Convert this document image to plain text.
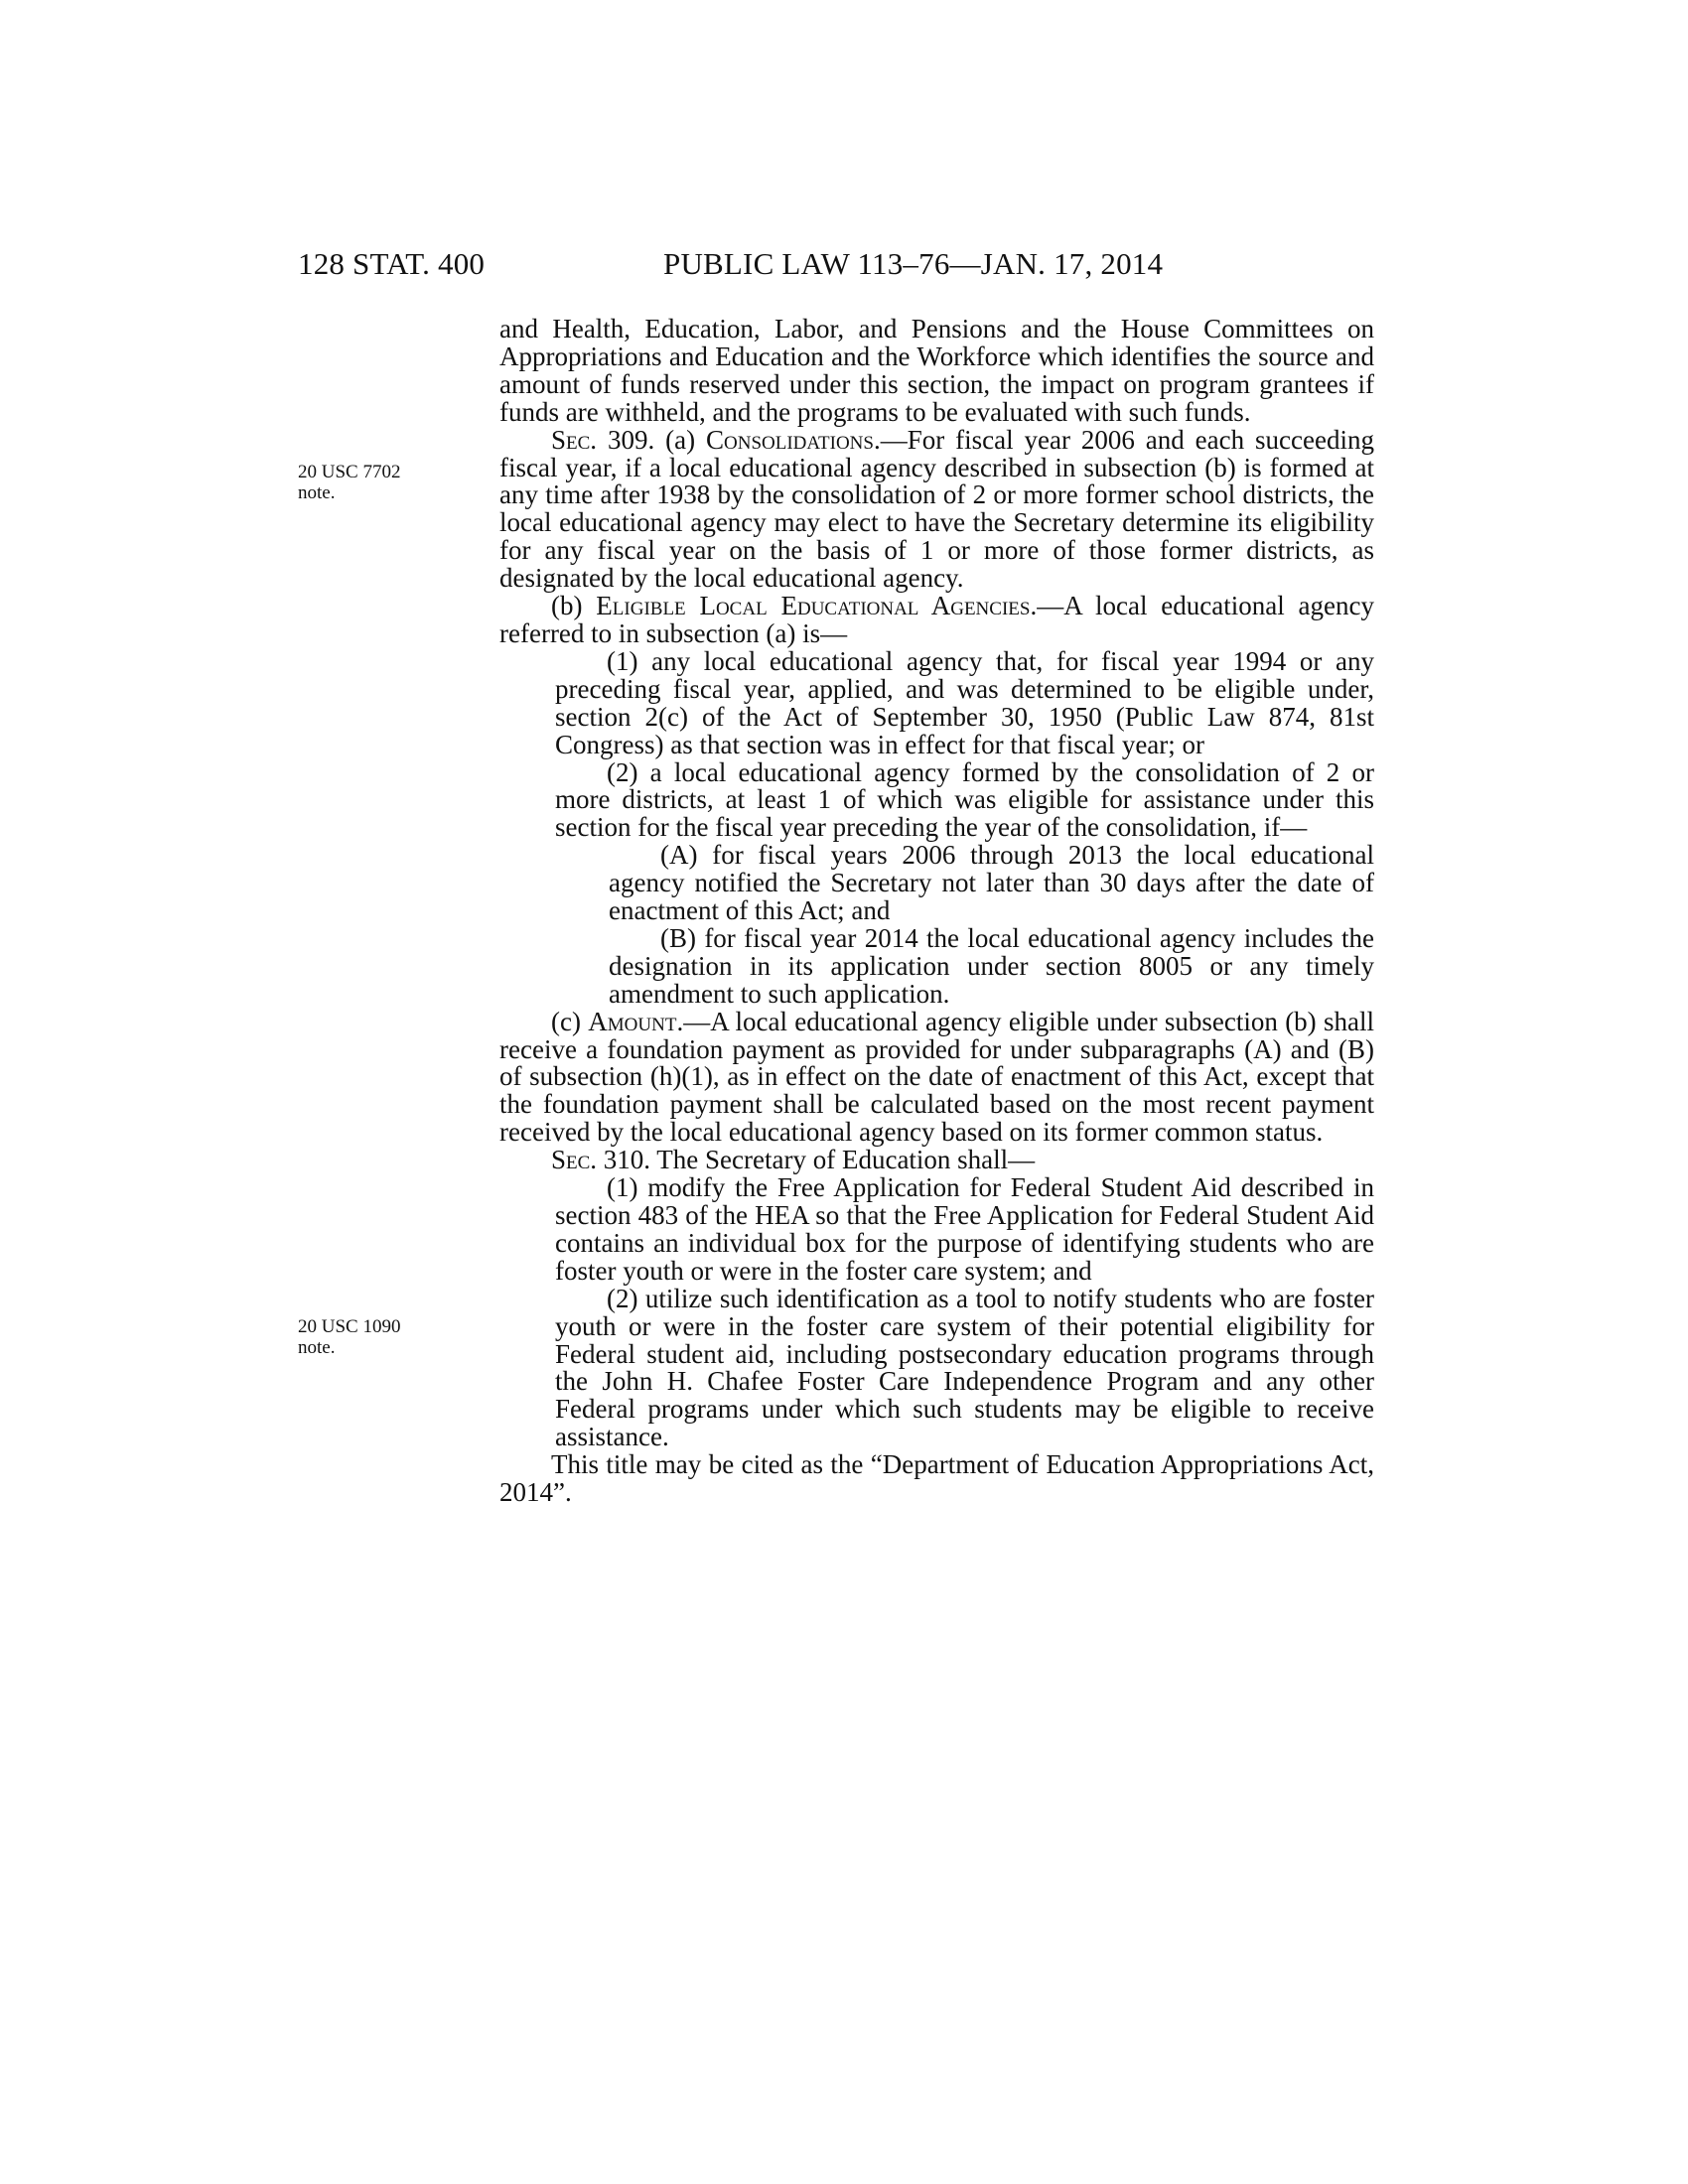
128 STAT. 400	PUBLIC LAW 113–76—JAN. 17, 2014
20 USC 7702
note.
20 USC 1090
note.

and Health, Education, Labor, and Pensions and the House Committees on Appropriations and Education and the Workforce which identifies the source and amount of funds reserved under this section, the impact on program grantees if funds are withheld, and the programs to be evaluated with such funds.

Sec. 309. (a) Consolidations.—For fiscal year 2006 and each succeeding fiscal year, if a local educational agency described in subsection (b) is formed at any time after 1938 by the consolidation of 2 or more former school districts, the local educational agency may elect to have the Secretary determine its eligibility for any fiscal year on the basis of 1 or more of those former districts, as designated by the local educational agency.

(b) Eligible Local Educational Agencies.—A local educational agency referred to in subsection (a) is—

(1) any local educational agency that, for fiscal year 1994 or any preceding fiscal year, applied, and was determined to be eligible under, section 2(c) of the Act of September 30, 1950 (Public Law 874, 81st Congress) as that section was in effect for that fiscal year; or

(2) a local educational agency formed by the consolidation of 2 or more districts, at least 1 of which was eligible for assistance under this section for the fiscal year preceding the year of the consolidation, if—

(A) for fiscal years 2006 through 2013 the local educational agency notified the Secretary not later than 30 days after the date of enactment of this Act; and

(B) for fiscal year 2014 the local educational agency includes the designation in its application under section 8005 or any timely amendment to such application.

(c) Amount.—A local educational agency eligible under subsection (b) shall receive a foundation payment as provided for under subparagraphs (A) and (B) of subsection (h)(1), as in effect on the date of enactment of this Act, except that the foundation payment shall be calculated based on the most recent payment received by the local educational agency based on its former common status.

Sec. 310. The Secretary of Education shall—

(1) modify the Free Application for Federal Student Aid described in section 483 of the HEA so that the Free Application for Federal Student Aid contains an individual box for the purpose of identifying students who are foster youth or were in the foster care system; and

(2) utilize such identification as a tool to notify students who are foster youth or were in the foster care system of their potential eligibility for Federal student aid, including postsecondary education programs through the John H. Chafee Foster Care Independence Program and any other Federal programs under which such students may be eligible to receive assistance.

This title may be cited as the “Department of Education Appropriations Act, 2014”.
